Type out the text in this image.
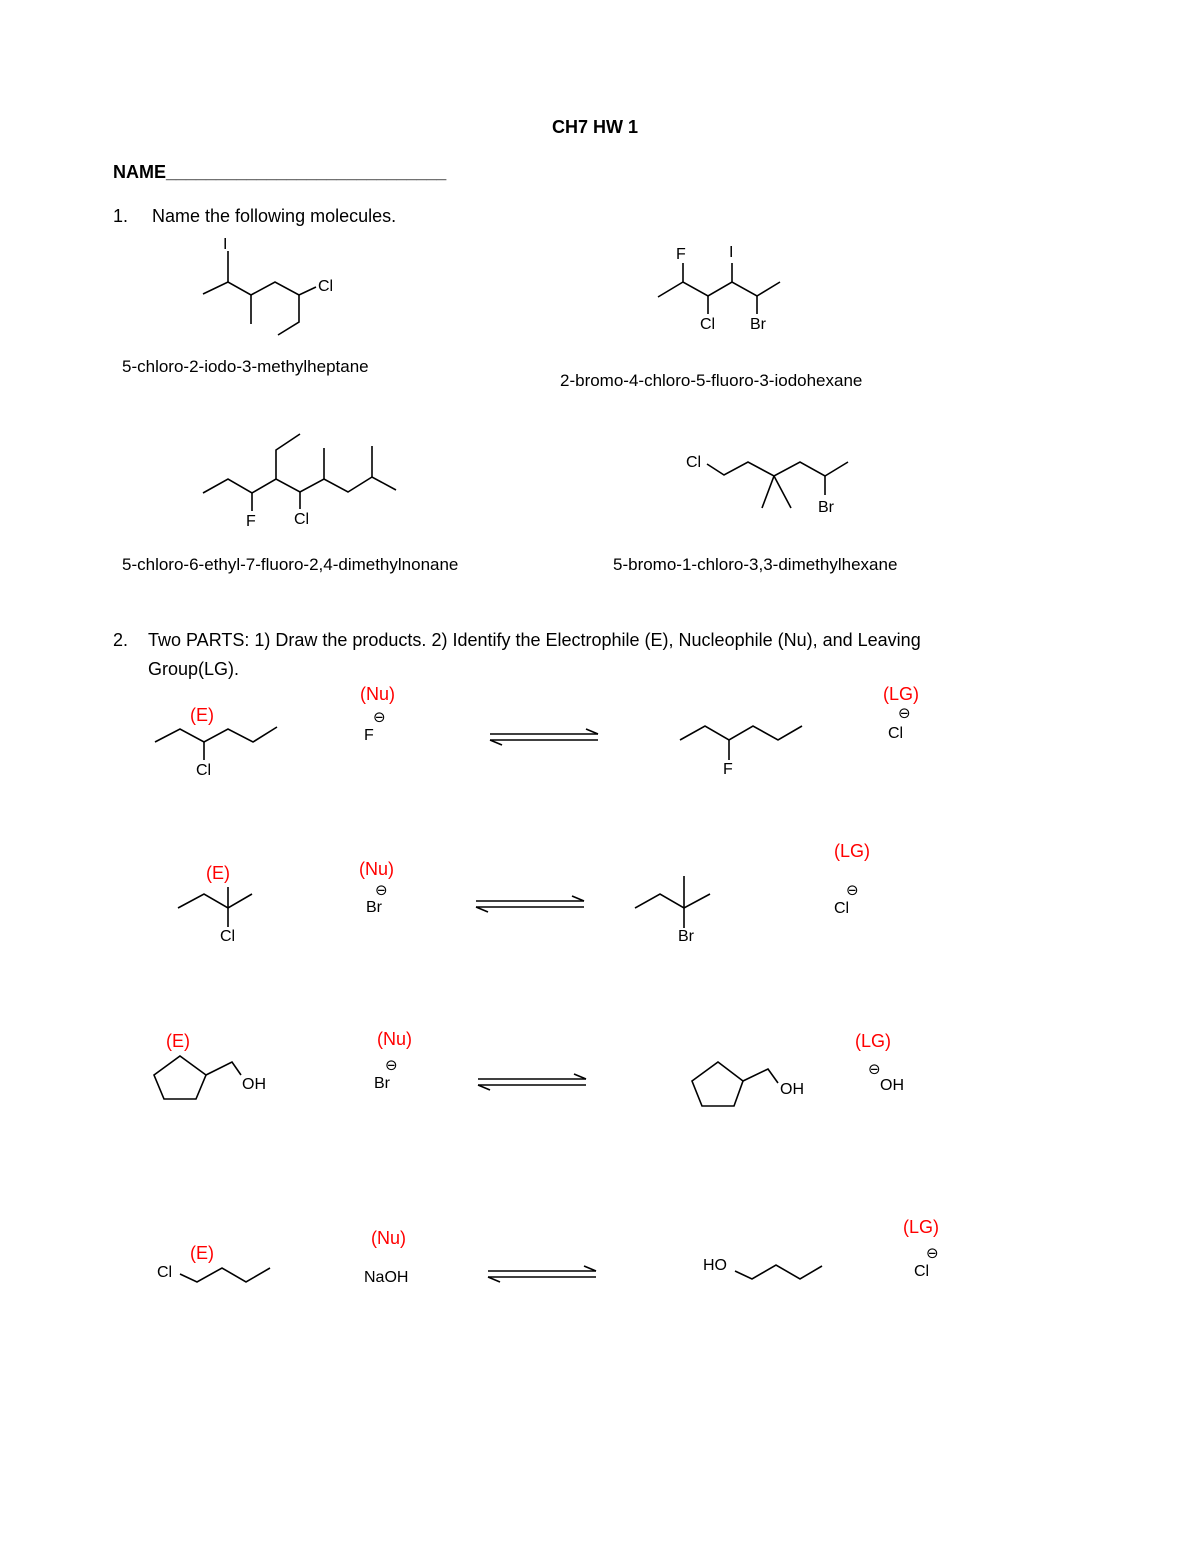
CH7 HW 1
NAME____________________________
1. Name the following molecules.
I
Cl
5-chloro-2-iodo-3-methylheptane
F	I
Cl Br
2-bromo-4-chloro-5-fluoro-3-iodohexane
F Cl
5-chloro-6-ethyl-7-fluoro-2,4-dimethylnonane
Cl
Br
5-bromo-1-chloro-3,3-dimethylhexane
2. Two PARTS: 1) Draw the products. 2) Identify the Electrophile (E), Nucleophile (Nu), and Leaving
Group(LG).
(E)
(Nu)	(LG)
Cl
⊖
F
F
⊖
Cl
(E)	(Nu)
(LG)
Cl
⊖
Br
Br
⊖
Cl
(E)	(Nu)	(LG)
OH
⊖
Br	OH
⊖
OH
(E)
(Nu)
(LG)
Cl	NaOH
HO
⊖
Cl
